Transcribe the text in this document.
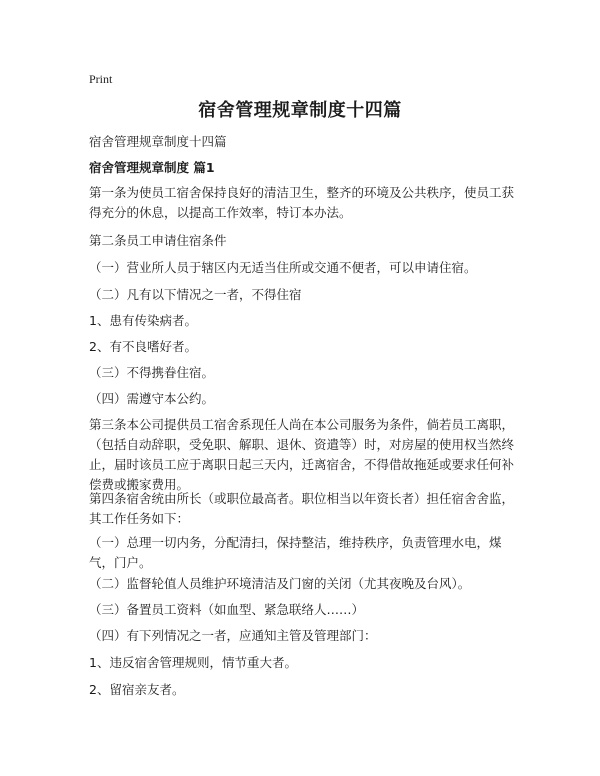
Print
宿舍管理规章制度十四篇

宿舍管理规章制度十四篇

宿舍管理规章制度 篇1

第一条为使员工宿舍保持良好的清洁卫生，整齐的环境及公共秩序，使员工获得充分的休息，以提高工作效率，特订本办法。

第二条员工申请住宿条件

（一）营业所人员于辖区内无适当住所或交通不便者，可以申请住宿。

（二）凡有以下情况之一者，不得住宿

1、患有传染病者。

2、有不良嗜好者。

（三）不得携眷住宿。

（四）需遵守本公约。

第三条本公司提供员工宿舍系现任人尚在本公司服务为条件，倘若员工离职，（包括自动辞职，受免职、解职、退休、资遣等）时，对房屋的使用权当然终止，届时该员工应于离职日起三天内，迁离宿舍，不得借故拖延或要求任何补偿费或搬家费用。

第四条宿舍统由所长（或职位最高者。职位相当以年资长者）担任宿舍舍监，其工作任务如下：

（一）总理一切内务，分配清扫，保持整洁，维持秩序，负责管理水电，煤气，门户。

（二）监督轮值人员维护环境清洁及门窗的关闭（尤其夜晚及台风）。

（三）备置员工资料（如血型、紧急联络人……）

（四）有下列情况之一者，应通知主管及管理部门：

1、违反宿舍管理规则，情节重大者。

2、留宿亲友者。
